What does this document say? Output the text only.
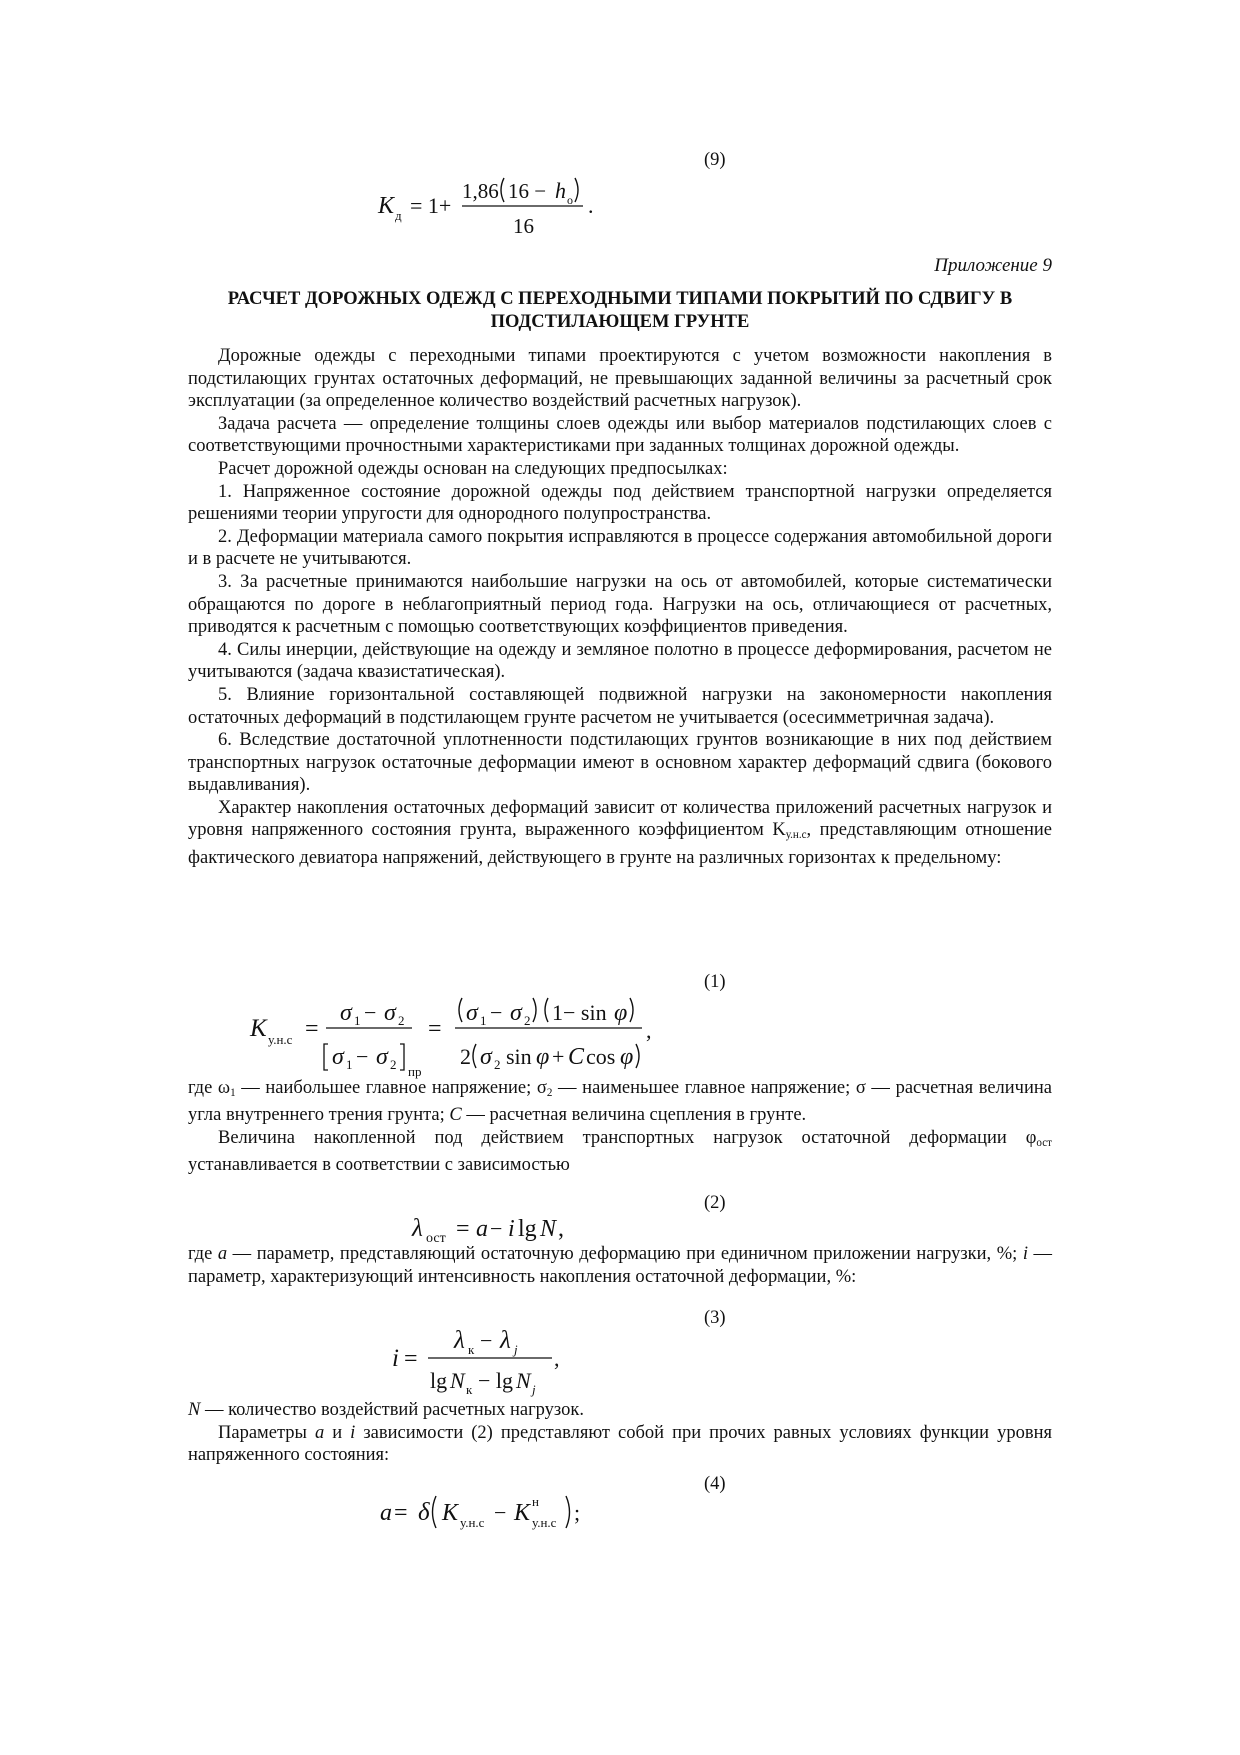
(9)
K д = 1+
1,86 16 − h о
16
.
Приложение 9
РАСЧЕТ ДОРОЖНЫХ ОДЕЖД С ПЕРЕХОДНЫМИ ТИПАМИ ПОКРЫТИЙ ПО СДВИГУ В ПОДСТИЛАЮЩЕМ ГРУНТЕ

Дорожные одежды с переходными типами проектируются с учетом возможности накопления в подстилающих грунтах остаточных деформаций, не превышающих заданной величины за расчетный срок эксплуатации (за определенное количество воздействий расчетных нагрузок).

Задача расчета — определение толщины слоев одежды или выбор материалов подстилающих слоев с соответствующими прочностными характеристиками при заданных толщинах дорожной одежды.

Расчет дорожной одежды основан на следующих предпосылках:

1. Напряженное состояние дорожной одежды под действием транспортной нагрузки определяется решениями теории упругости для однородного полупространства.

2. Деформации материала самого покрытия исправляются в процессе содержания автомобильной дороги и в расчете не учитываются.

3. За расчетные принимаются наибольшие нагрузки на ось от автомобилей, которые систематически обращаются по дороге в неблагоприятный период года. Нагрузки на ось, отличающиеся от расчетных, приводятся к расчетным с помощью соответствующих коэффициентов приведения.

4. Силы инерции, действующие на одежду и земляное полотно в процессе деформирования, расчетом не учитываются (задача квазистатическая).

5. Влияние горизонтальной составляющей подвижной нагрузки на закономерности накопления остаточных деформаций в подстилающем грунте расчетом не учитывается (осесимметричная задача).

6. Вследствие достаточной уплотненности подстилающих грунтов возникающие в них под действием транспортных нагрузок остаточные деформации имеют в основном характер деформаций сдвига (бокового выдавливания).

Характер накопления остаточных деформаций зависит от количества приложений расчетных нагрузок и уровня напряженного состояния грунта, выраженного коэффициентом $K_{у.н.с}$, представляющим отношение фактического девиатора напряжений, действующего в грунте на различных горизонтах к предельному:

(1)
K у.н.с =
σ 1 − σ 2
σ 1 − σ 2 пр
=
σ 1 − σ 2 1− sin φ
2 σ 2 sin φ + C cos φ
,

где $\omega_1$ — наибольшее главное напряжение; $\sigma_2$ — наименьшее главное напряжение; σ — расчетная величина угла внутреннего трения грунта; C — расчетная величина сцепления в грунте.

Величина накопленной под действием транспортных нагрузок остаточной деформации $\varphi_{ост}$ устанавливается в соответствии с зависимостью

(2)
λ ост = a − i lg N ,

где a — параметр, представляющий остаточную деформацию при единичном приложении нагрузки, %; i — параметр, характеризующий интенсивность накопления остаточной деформации, %:

(3)
i =
λ к − λ j
lg N к − lg N j
,

N — количество воздействий расчетных нагрузок.

Параметры a и i зависимости (2) представляют собой при прочих равных условиях функции уровня напряженного состояния:

(4)
a = δ K у.н.с − K н
у.н.с ;
